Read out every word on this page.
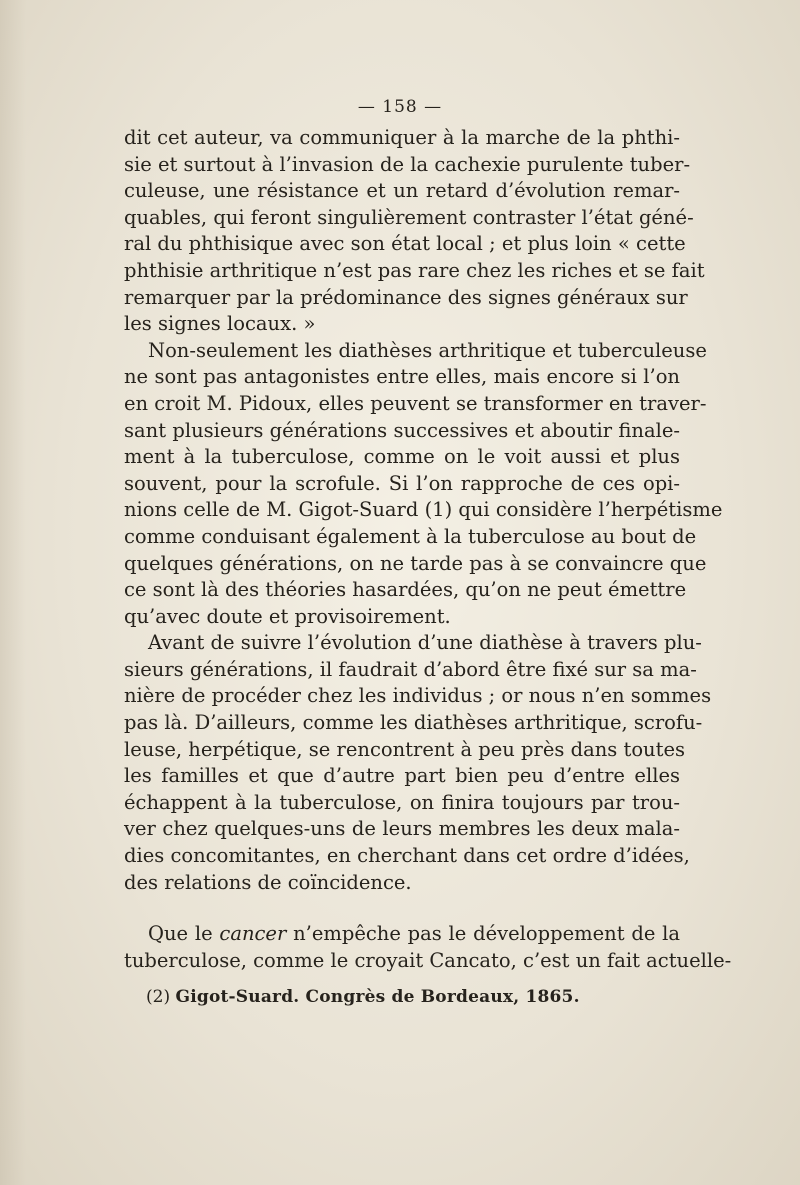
— 158 —
dit cet auteur, va communiquer à la marche de la phthi-
sie et surtout à l’invasion de la cachexie purulente tuber-
culeuse, une résistance et un retard d’évolution remar-
quables, qui feront singulièrement contraster l’état géné-
ral du phthisique avec son état local ; et plus loin « cette
phthisie arthritique n’est pas rare chez les riches et se fait
remarquer par la prédominance des signes généraux sur
les signes locaux. »
Non-seulement les diathèses arthritique et tuberculeuse
ne sont pas antagonistes entre elles, mais encore si l’on
en croit M. Pidoux, elles peuvent se transformer en traver-
sant plusieurs générations successives et aboutir finale-
ment à la tuberculose, comme on le voit aussi et plus
souvent, pour la scrofule. Si l’on rapproche de ces opi-
nions celle de M. Gigot-Suard (1) qui considère l’herpétisme
comme conduisant également à la tuberculose au bout de
quelques générations, on ne tarde pas à se convaincre que
ce sont là des théories hasardées, qu’on ne peut émettre
qu’avec doute et provisoirement.
Avant de suivre l’évolution d’une diathèse à travers plu-
sieurs générations, il faudrait d’abord être fixé sur sa ma-
nière de procéder chez les individus ; or nous n’en sommes
pas là. D’ailleurs, comme les diathèses arthritique, scrofu-
leuse, herpétique, se rencontrent à peu près dans toutes
les familles et que d’autre part bien peu d’entre elles
échappent à la tuberculose, on finira toujours par trou-
ver chez quelques-uns de leurs membres les deux mala-
dies concomitantes, en cherchant dans cet ordre d’idées,
des relations de coïncidence.
Que le cancer n’empêche pas le développement de la
tuberculose, comme le croyait Cancato, c’est un fait actuelle-
(2) Gigot-Suard. Congrès de Bordeaux, 1865.
